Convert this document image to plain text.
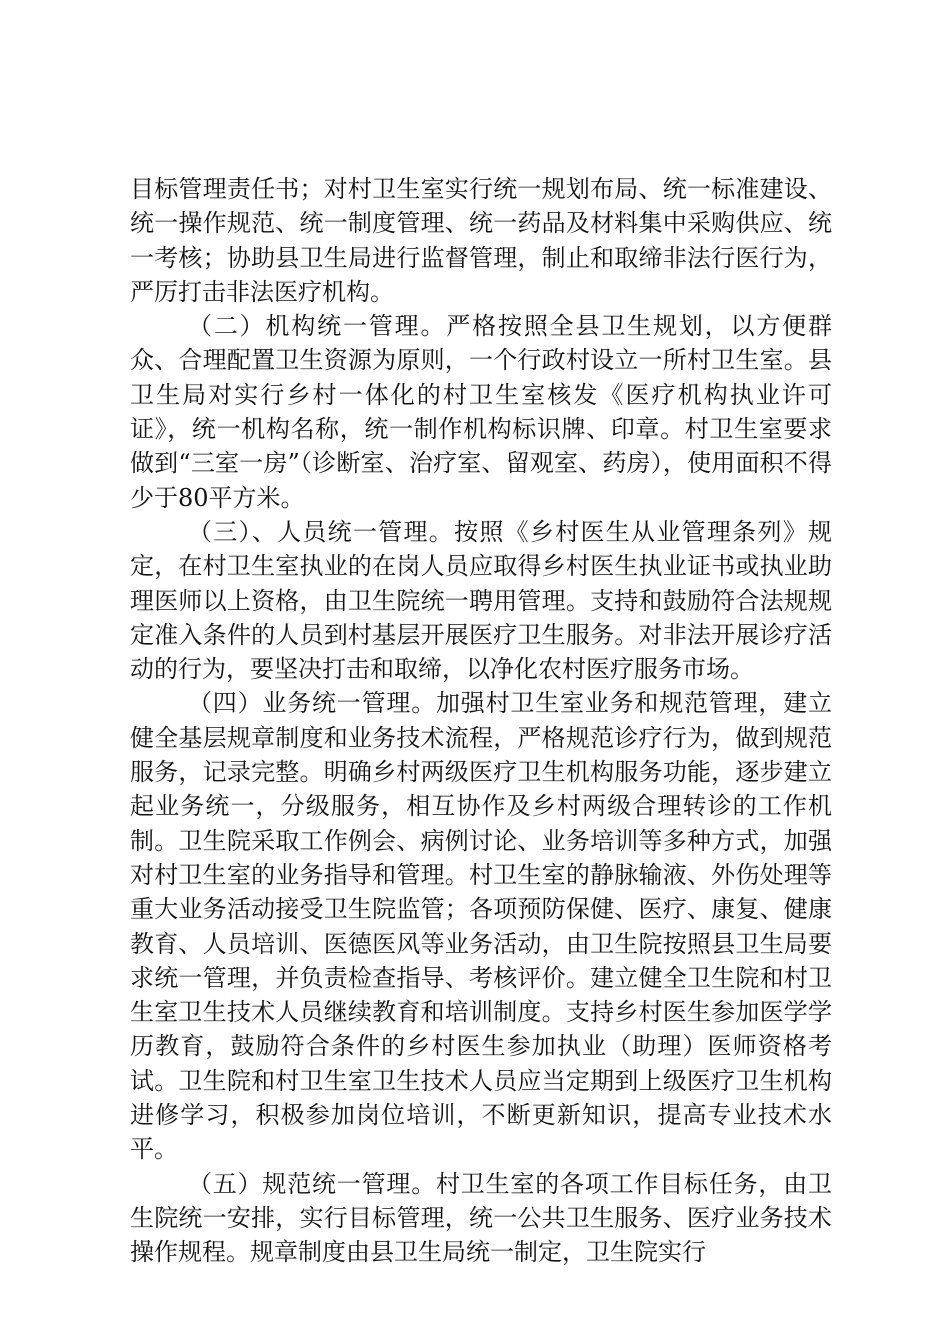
目标管理责任书；对村卫生室实行统一规划布局、统一标准建设、统一操作规范、统一制度管理、统一药品及材料集中采购供应、统一考核；协助县卫生局进行监督管理，制止和取缔非法行医行为，严厉打击非法医疗机构。

（二）机构统一管理。严格按照全县卫生规划，以方便群众、合理配置卫生资源为原则，一个行政村设立一所村卫生室。县卫生局对实行乡村一体化的村卫生室核发《医疗机构执业许可证》，统一机构名称，统一制作机构标识牌、印章。村卫生室要求做到“三室一房”（诊断室、治疗室、留观室、药房），使用面积不得少于80平方米。

（三）、人员统一管理。按照《乡村医生从业管理条列》规定，在村卫生室执业的在岗人员应取得乡村医生执业证书或执业助理医师以上资格，由卫生院统一聘用管理。支持和鼓励符合法规规定准入条件的人员到村基层开展医疗卫生服务。对非法开展诊疗活动的行为，要坚决打击和取缔，以净化农村医疗服务市场。

（四）业务统一管理。加强村卫生室业务和规范管理，建立健全基层规章制度和业务技术流程，严格规范诊疗行为，做到规范服务，记录完整。明确乡村两级医疗卫生机构服务功能，逐步建立起业务统一，分级服务，相互协作及乡村两级合理转诊的工作机制。卫生院采取工作例会、病例讨论、业务培训等多种方式，加强对村卫生室的业务指导和管理。村卫生室的静脉输液、外伤处理等重大业务活动接受卫生院监管；各项预防保健、医疗、康复、健康教育、人员培训、医德医风等业务活动，由卫生院按照县卫生局要求统一管理，并负责检查指导、考核评价。建立健全卫生院和村卫生室卫生技术人员继续教育和培训制度。支持乡村医生参加医学学历教育，鼓励符合条件的乡村医生参加执业（助理）医师资格考试。卫生院和村卫生室卫生技术人员应当定期到上级医疗卫生机构进修学习，积极参加岗位培训，不断更新知识，提高专业技术水平。

（五）规范统一管理。村卫生室的各项工作目标任务，由卫生院统一安排，实行目标管理，统一公共卫生服务、医疗业务技术操作规程。规章制度由县卫生局统一制定，卫生院实行
